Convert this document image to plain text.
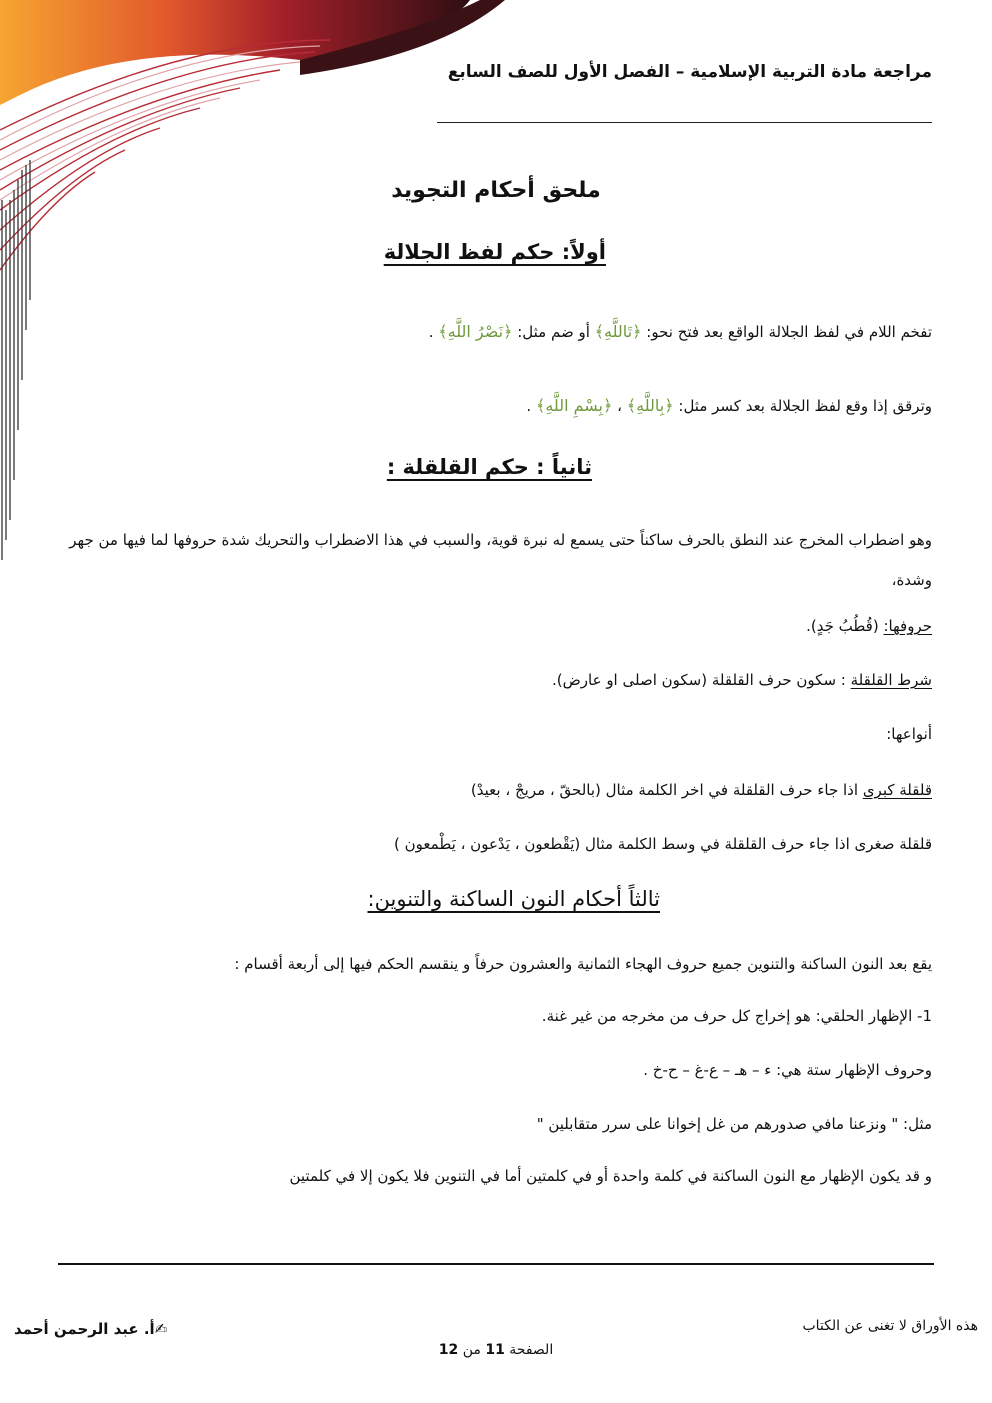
مراجعة مادة التربية الإسلامية – الفصل الأول للصف السابع
ملحق أحكام التجويد
أولاً: حكم لفظ الجلالة
تفخم اللام في لفظ الجلالة الواقع بعد فتح نحو: ﴿تَاللَّهِ﴾ أو ضم مثل: ﴿نَصْرُ اللَّهِ﴾ .
وترقق إذا وقع لفظ الجلالة بعد كسر مثل: ﴿بِاللَّهِ﴾ ، ﴿بِسْمِ اللَّهِ﴾ .
ثانياً : حكم القلقلة :
وهو اضطراب المخرج عند النطق بالحرف ساكناً حتى يسمع له نبرة قوية، والسبب في هذا الاضطراب والتحريك شدة حروفها لما فيها من جهر وشدة،
حروفها: (قُطُبُ جَدٍ).
شرط القلقلة : سكون حرف القلقلة (سكون اصلى او عارض).
أنواعها:
قلقلة كبرى اذا جاء حرف القلقلة في اخر الكلمة مثال (بالحقّ ، مريجْ ، بعيدْ)
قلقلة صغرى اذا جاء حرف القلقلة في وسط الكلمة مثال (يَقْطعون ، يَدْعون ، يَطْمعون )
ثالثاً أحكام النون الساكنة والتنوين:
يقع بعد النون الساكنة والتنوين جميع حروف الهجاء الثمانية والعشرون حرفاً و ينقسم الحكم فيها إلى أربعة أقسام :
1- الإظهار الحلقي: هو إخراج كل حرف من مخرجه من غير غنة.
وحروف الإظهار ستة هي: ء – هـ – ع-غ – ح-خ .
مثل: " ونزعنا مافي صدورهم من غل إخوانا على سرر متقابلين "
و قد يكون الإظهار مع النون الساكنة في كلمة واحدة أو في كلمتين أما في التنوين فلا يكون إلا في كلمتين
هذه الأوراق لا تغنى عن الكتاب
✍أ. عبد الرحمن أحمد
الصفحة 11 من 12
